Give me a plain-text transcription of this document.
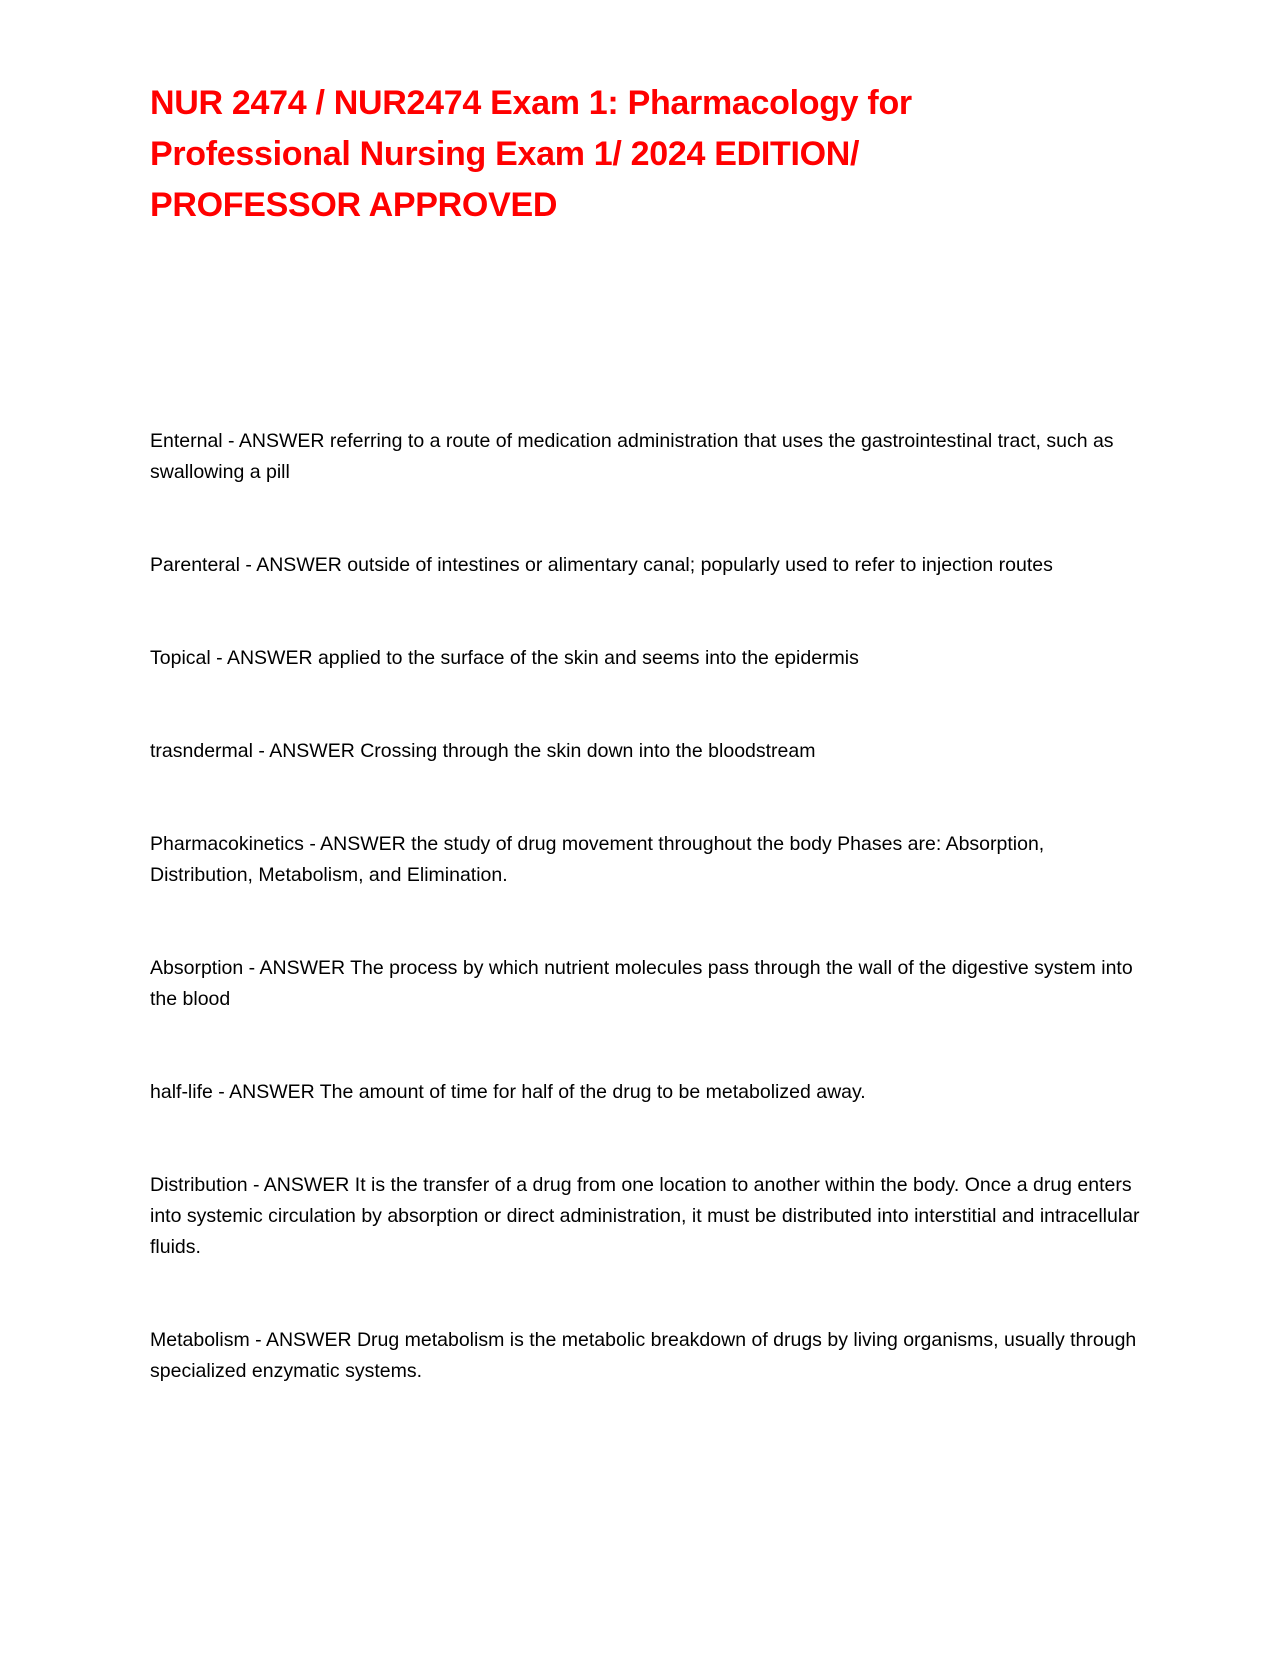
NUR 2474 / NUR2474 Exam 1: Pharmacology for Professional Nursing Exam 1/ 2024 EDITION/ PROFESSOR APPROVED

Enternal - ANSWER referring to a route of medication administration that uses the gastrointestinal tract, such as swallowing a pill

Parenteral - ANSWER outside of intestines or alimentary canal; popularly used to refer to injection routes

Topical - ANSWER applied to the surface of the skin and seems into the epidermis

trasndermal - ANSWER Crossing through the skin down into the bloodstream

Pharmacokinetics - ANSWER the study of drug movement throughout the body Phases are: Absorption, Distribution, Metabolism, and Elimination.

Absorption - ANSWER The process by which nutrient molecules pass through the wall of the digestive system into the blood

half-life - ANSWER The amount of time for half of the drug to be metabolized away.

Distribution - ANSWER It is the transfer of a drug from one location to another within the body. Once a drug enters into systemic circulation by absorption or direct administration, it must be distributed into interstitial and intracellular fluids.

Metabolism - ANSWER Drug metabolism is the metabolic breakdown of drugs by living organisms, usually through specialized enzymatic systems.
